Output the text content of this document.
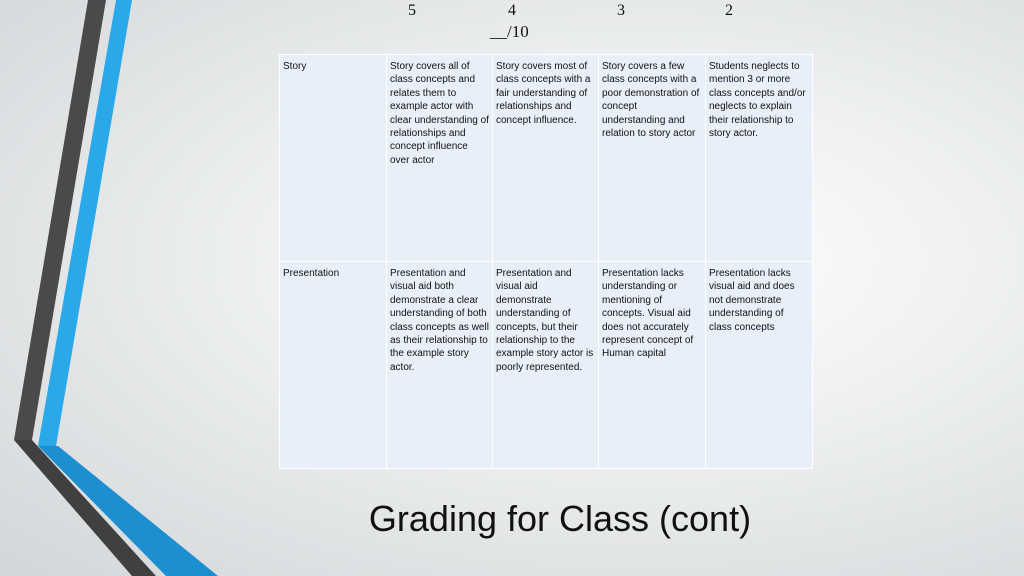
5	4	3	2
__/10
Story	Story covers all of class concepts and relates them to example actor with clear understanding of relationships and concept influence over actor	Story covers most of class concepts with a fair understanding of relationships and concept influence.	Story covers a few class concepts with a poor demonstration of concept understanding and relation to story actor	Students neglects to mention 3 or more class concepts and/or neglects to explain their relationship to story actor.
Presentation	Presentation and visual aid both demonstrate a clear understanding of both class concepts as well as their relationship to the example story actor.	Presentation and visual aid demonstrate understanding of concepts, but their relationship to the example story actor is poorly represented.	Presentation lacks understanding or mentioning of concepts. Visual aid does not accurately represent concept of Human capital	Presentation lacks visual aid and does not demonstrate understanding of class concepts
Grading for Class (cont)
